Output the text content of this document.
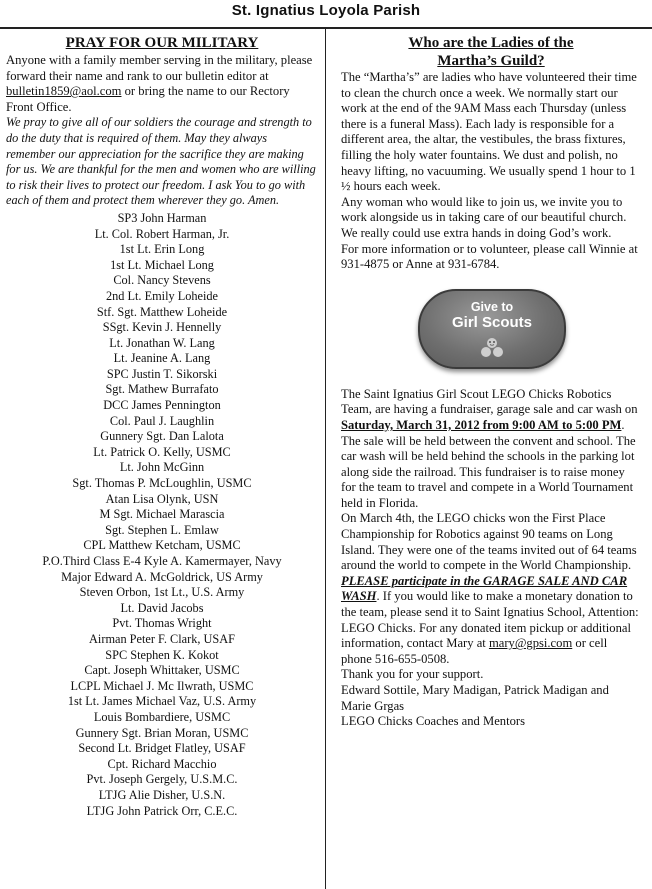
St. Ignatius Loyola Parish
PRAY FOR OUR MILITARY

Anyone with a family member serving in the military, please forward their name and rank to our bulletin editor at bulletin1859@aol.com or bring the name to our Rectory Front Office.

We pray to give all of our soldiers the courage and strength to do the duty that is required of them. May they always remember our appreciation for the sacrifice they are making for us. We are thankful for the men and women who are willing to risk their lives to protect our freedom. I ask You to go with each of them and protect them wherever they go. Amen.

SP3 John Harman
Lt. Col. Robert Harman, Jr.
1st Lt. Erin Long
1st Lt. Michael Long
Col. Nancy Stevens
2nd Lt. Emily Loheide
Stf. Sgt. Matthew Loheide
SSgt. Kevin J. Hennelly
Lt. Jonathan W. Lang
Lt. Jeanine A. Lang
SPC Justin T. Sikorski
Sgt. Mathew Burrafato
DCC James Pennington
Col. Paul J. Laughlin
Gunnery Sgt. Dan Lalota
Lt. Patrick O. Kelly, USMC
Lt. John McGinn
Sgt. Thomas P. McLoughlin, USMC
Atan Lisa Olynk, USN
M Sgt. Michael Marascia
Sgt. Stephen L. Emlaw
CPL Matthew Ketcham, USMC
P.O.Third Class E-4 Kyle A. Kamermayer, Navy
Major Edward A. McGoldrick, US Army
Steven Orbon, 1st Lt., U.S. Army
Lt. David Jacobs
Pvt. Thomas Wright
Airman Peter F. Clark, USAF
SPC Stephen K. Kokot
Capt. Joseph Whittaker, USMC
LCPL Michael J. Mc Ilwrath, USMC
1st Lt. James Michael Vaz, U.S. Army
Louis Bombardiere, USMC
Gunnery Sgt. Brian Moran, USMC
Second Lt. Bridget Flatley, USAF
Cpt. Richard Macchio
Pvt. Joseph Gergely, U.S.M.C.
LTJG Alie Disher, U.S.N.
LTJG John Patrick Orr, C.E.C.
Who are the Ladies of the
Martha’s Guild?

The “Martha’s” are ladies who have volunteered their time to clean the church once a week. We normally start our work at the end of the 9AM Mass each Thursday (unless there is a funeral Mass). Each lady is responsible for a different area, the altar, the vestibules, the brass fixtures, filling the holy water fountains. We dust and polish, no heavy lifting, no vacuuming. We usually spend 1 hour to 1 ½ hours each week.

Any woman who would like to join us, we invite you to work alongside us in taking care of our beautiful church. We really could use extra hands in doing God’s work.

For more information or to volunteer, please call Winnie at 931-4875 or Anne at 931-6784.

Give to
Girl Scouts

The Saint Ignatius Girl Scout LEGO Chicks Robotics Team, are having a fundraiser, garage sale and car wash on Saturday, March 31, 2012 from 9:00 AM to 5:00 PM. The sale will be held between the convent and school. The car wash will be held behind the schools in the parking lot along side the railroad. This fundraiser is to raise money for the team to travel and compete in a World Tournament held in Florida.

On March 4th, the LEGO chicks won the First Place Championship for Robotics against 90 teams on Long Island. They were one of the teams invited out of 64 teams around the world to compete in the World Championship. PLEASE participate in the GARAGE SALE AND CAR WASH. If you would like to make a monetary donation to the team, please send it to Saint Ignatius School, Attention: LEGO Chicks. For any donated item pickup or additional information, contact Mary at mary@gpsi.com or cell phone 516-655-0508.

Thank you for your support.

Edward Sottile, Mary Madigan, Patrick Madigan and Marie Grgas

LEGO Chicks Coaches and Mentors
